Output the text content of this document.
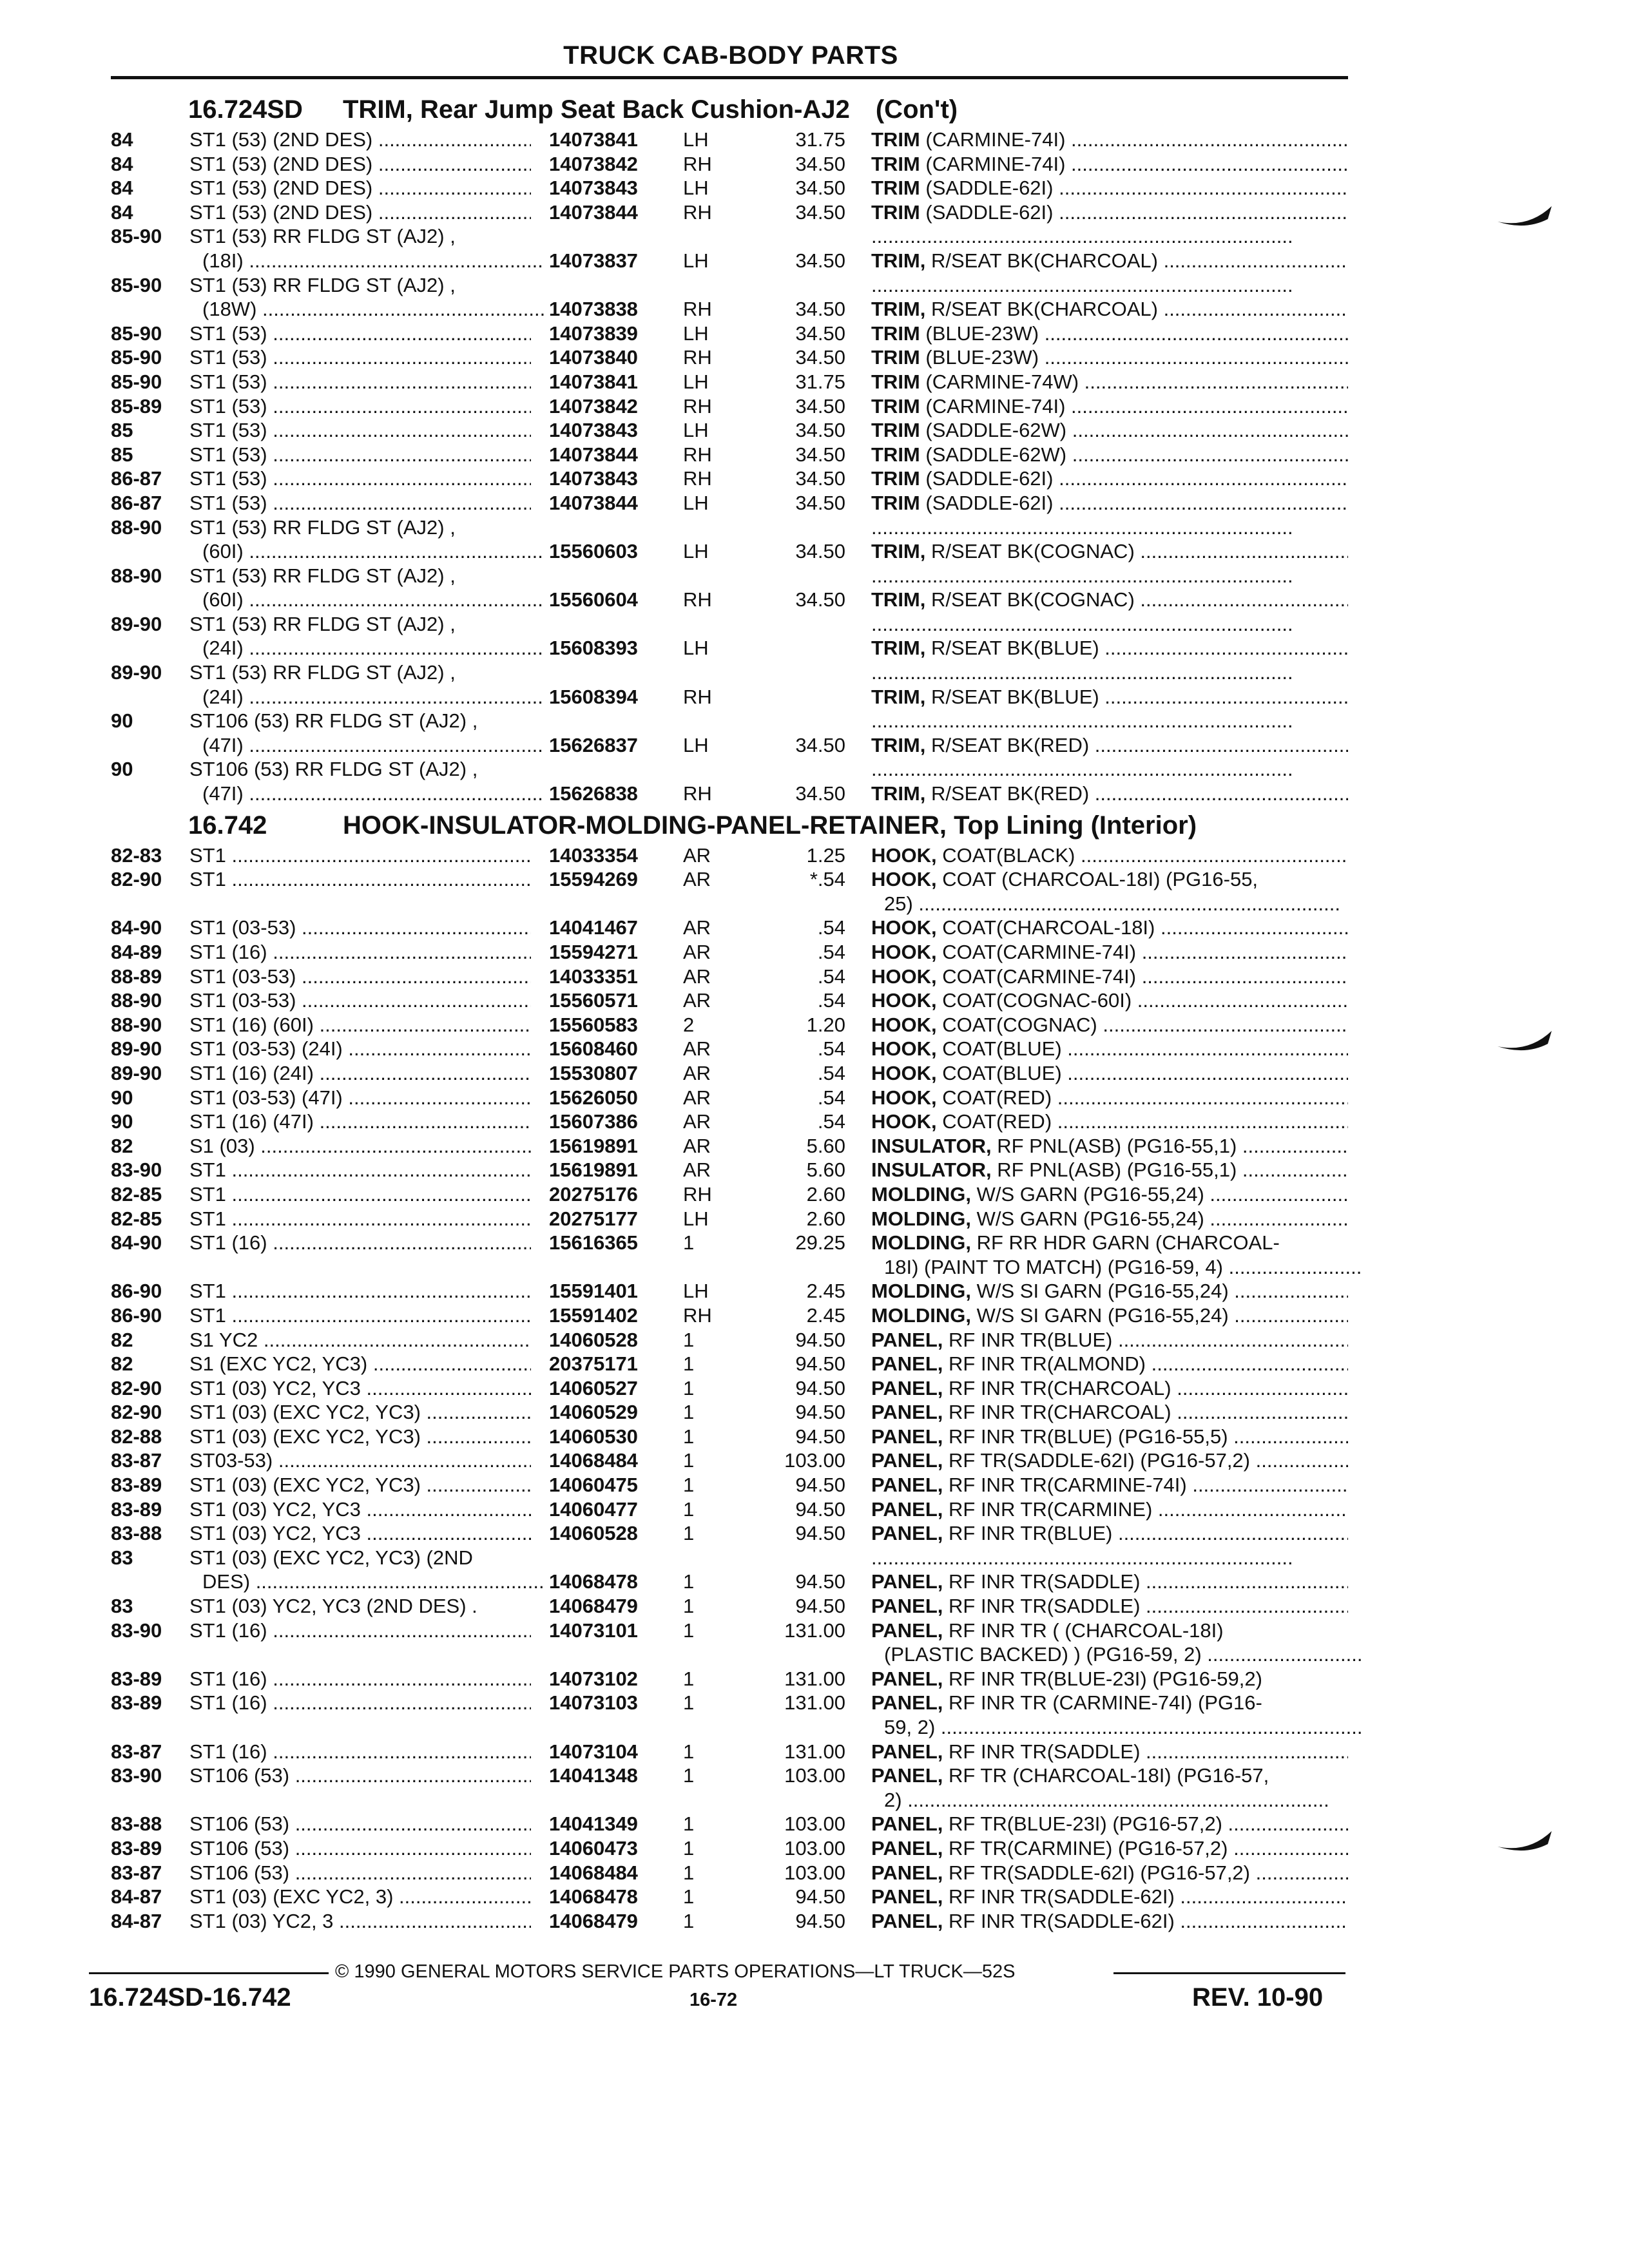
TRUCK CAB-BODY PARTS
16.724SD TRIM, Rear Jump Seat Back Cushion-AJ2 (Con't)
84	ST1 (53) (2ND DES) .....	14073841 LH	31.75 TRIM (CARMINE-74I) .....
84	ST1 (53) (2ND DES) .....	14073842 RH	34.50 TRIM (CARMINE-74I) .....
84	ST1 (53) (2ND DES) .....	14073843 LH	34.50 TRIM (SADDLE-62I) .....
84	ST1 (53) (2ND DES) .....	14073844 RH	34.50 TRIM (SADDLE-62I) .....
85-90 ST1 (53) RR FLDG ST (AJ2) ,
.....
(18I) .....	14073837 LH	34.50 TRIM, R/SEAT BK(CHARCOAL) .....
85-90 ST1 (53) RR FLDG ST (AJ2) ,
.....
(18W) .....	14073838 RH	34.50 TRIM, R/SEAT BK(CHARCOAL) .....
85-90 ST1 (53) .....	14073839 LH	34.50 TRIM (BLUE-23W) .....
85-90 ST1 (53) .....	14073840 RH	34.50 TRIM (BLUE-23W) .....
85-90 ST1 (53) .....	14073841 LH	31.75 TRIM (CARMINE-74W) .....
85-89 ST1 (53) .....	14073842 RH	34.50 TRIM (CARMINE-74I) .....
85	ST1 (53) .....	14073843 LH	34.50 TRIM (SADDLE-62W) .....
85	ST1 (53) .....	14073844 RH	34.50 TRIM (SADDLE-62W) .....
86-87 ST1 (53) .....	14073843 RH	34.50 TRIM (SADDLE-62I) .....
86-87 ST1 (53) .....	14073844 LH	34.50 TRIM (SADDLE-62I) .....
88-90 ST1 (53) RR FLDG ST (AJ2) ,
.....
(60I) .....	15560603 LH	34.50 TRIM, R/SEAT BK(COGNAC) .....
88-90 ST1 (53) RR FLDG ST (AJ2) ,
.....
(60I) .....	15560604 RH	34.50 TRIM, R/SEAT BK(COGNAC) .....
89-90 ST1 (53) RR FLDG ST (AJ2) ,
.....
(24I) .....	15608393 LH	TRIM, R/SEAT BK(BLUE) .....
89-90 ST1 (53) RR FLDG ST (AJ2) ,
.....
(24I) .....	15608394 RH	TRIM, R/SEAT BK(BLUE) .....
90	ST106 (53) RR FLDG ST (AJ2) ,
.....
(47I) .....	15626837 LH	34.50 TRIM, R/SEAT BK(RED) .....
90	ST106 (53) RR FLDG ST (AJ2) ,
.....
(47I) .....	15626838 RH	34.50 TRIM, R/SEAT BK(RED) .....
16.742	HOOK-INSULATOR-MOLDING-PANEL-RETAINER, Top Lining (Interior)
82-83 ST1 .....	14033354 AR	1.25 HOOK, COAT(BLACK) .....
82-90 ST1 .....	15594269 AR	*.54 HOOK, COAT (CHARCOAL-18I) (PG16-55,
25) .....
84-90 ST1 (03-53) .....	14041467 AR	.54 HOOK, COAT(CHARCOAL-18I) .....
84-89 ST1 (16) .....	15594271 AR	.54 HOOK, COAT(CARMINE-74I) .....
88-89 ST1 (03-53) .....	14033351 AR	.54 HOOK, COAT(CARMINE-74I) .....
88-90 ST1 (03-53) .....	15560571 AR	.54 HOOK, COAT(COGNAC-60I) .....
88-90 ST1 (16) (60I) .....	15560583 2	1.20 HOOK, COAT(COGNAC) .....
89-90 ST1 (03-53) (24I) .....	15608460 AR	.54 HOOK, COAT(BLUE) .....
89-90 ST1 (16) (24I) .....	15530807 AR	.54 HOOK, COAT(BLUE) .....
90	ST1 (03-53) (47I) .....	15626050 AR	.54 HOOK, COAT(RED) .....
90	ST1 (16) (47I) .....	15607386 AR	.54 HOOK, COAT(RED) .....
82	S1 (03) .....	15619891 AR	5.60 INSULATOR, RF PNL(ASB) (PG16-55,1) .....
83-90 ST1 .....	15619891 AR	5.60 INSULATOR, RF PNL(ASB) (PG16-55,1) .....
82-85 ST1 .....	20275176 RH	2.60 MOLDING, W/S GARN (PG16-55,24) .....
82-85 ST1 .....	20275177 LH	2.60 MOLDING, W/S GARN (PG16-55,24) .....
84-90 ST1 (16) .....	15616365 1	29.25 MOLDING, RF RR HDR GARN (CHARCOAL-
18I) (PAINT TO MATCH) (PG16-59, 4) .....
86-90 ST1 .....	15591401 LH	2.45 MOLDING, W/S SI GARN (PG16-55,24) .....
86-90 ST1 .....	15591402 RH	2.45 MOLDING, W/S SI GARN (PG16-55,24) .....
82	S1 YC2 .....	14060528 1	94.50 PANEL, RF INR TR(BLUE) .....
82	S1 (EXC YC2, YC3) .....	20375171 1	94.50 PANEL, RF INR TR(ALMOND) .....
82-90 ST1 (03) YC2, YC3 .....	14060527 1	94.50 PANEL, RF INR TR(CHARCOAL) .....
82-90 ST1 (03) (EXC YC2, YC3) .....	14060529 1	94.50 PANEL, RF INR TR(CHARCOAL) .....
82-88 ST1 (03) (EXC YC2, YC3) .....	14060530 1	94.50 PANEL, RF INR TR(BLUE) (PG16-55,5) .....
83-87 ST03-53) .....	14068484 1	103.00 PANEL, RF TR(SADDLE-62I) (PG16-57,2) .....
83-89 ST1 (03) (EXC YC2, YC3) .....	14060475 1	94.50 PANEL, RF INR TR(CARMINE-74I) .....
83-89 ST1 (03) YC2, YC3 .....	14060477 1	94.50 PANEL, RF INR TR(CARMINE) .....
83-88 ST1 (03) YC2, YC3 .....	14060528 1	94.50 PANEL, RF INR TR(BLUE) .....
83	ST1 (03) (EXC YC2, YC3) (2ND
.....
DES) .....	14068478 1	94.50 PANEL, RF INR TR(SADDLE) .....
83	ST1 (03) YC2, YC3 (2ND DES) .	14068479 1	94.50 PANEL, RF INR TR(SADDLE) .....
83-90 ST1 (16) .....	14073101 1	131.00 PANEL, RF INR TR ( (CHARCOAL-18I)
(PLASTIC BACKED) ) (PG16-59, 2) .....
83-89 ST1 (16) .....	14073102 1	131.00 PANEL, RF INR TR(BLUE-23I) (PG16-59,2)
83-89 ST1 (16) .....	14073103 1	131.00 PANEL, RF INR TR (CARMINE-74I) (PG16-
59, 2) .....
83-87 ST1 (16) .....	14073104 1	131.00 PANEL, RF INR TR(SADDLE) .....
83-90 ST106 (53) .....	14041348 1	103.00 PANEL, RF TR (CHARCOAL-18I) (PG16-57,
2) .....
83-88 ST106 (53) .....	14041349 1	103.00 PANEL, RF TR(BLUE-23I) (PG16-57,2) .....
83-89 ST106 (53) .....	14060473 1	103.00 PANEL, RF TR(CARMINE) (PG16-57,2) .....
83-87 ST106 (53) .....	14068484 1	103.00 PANEL, RF TR(SADDLE-62I) (PG16-57,2) .....
84-87 ST1 (03) (EXC YC2, 3) .....	14068478 1	94.50 PANEL, RF INR TR(SADDLE-62I) .....
84-87 ST1 (03) YC2, 3 .....	14068479 1	94.50 PANEL, RF INR TR(SADDLE-62I) .....
© 1990 GENERAL MOTORS SERVICE PARTS OPERATIONS—LT TRUCK—52S
16.724SD-16.742	16-72	REV. 10-90
